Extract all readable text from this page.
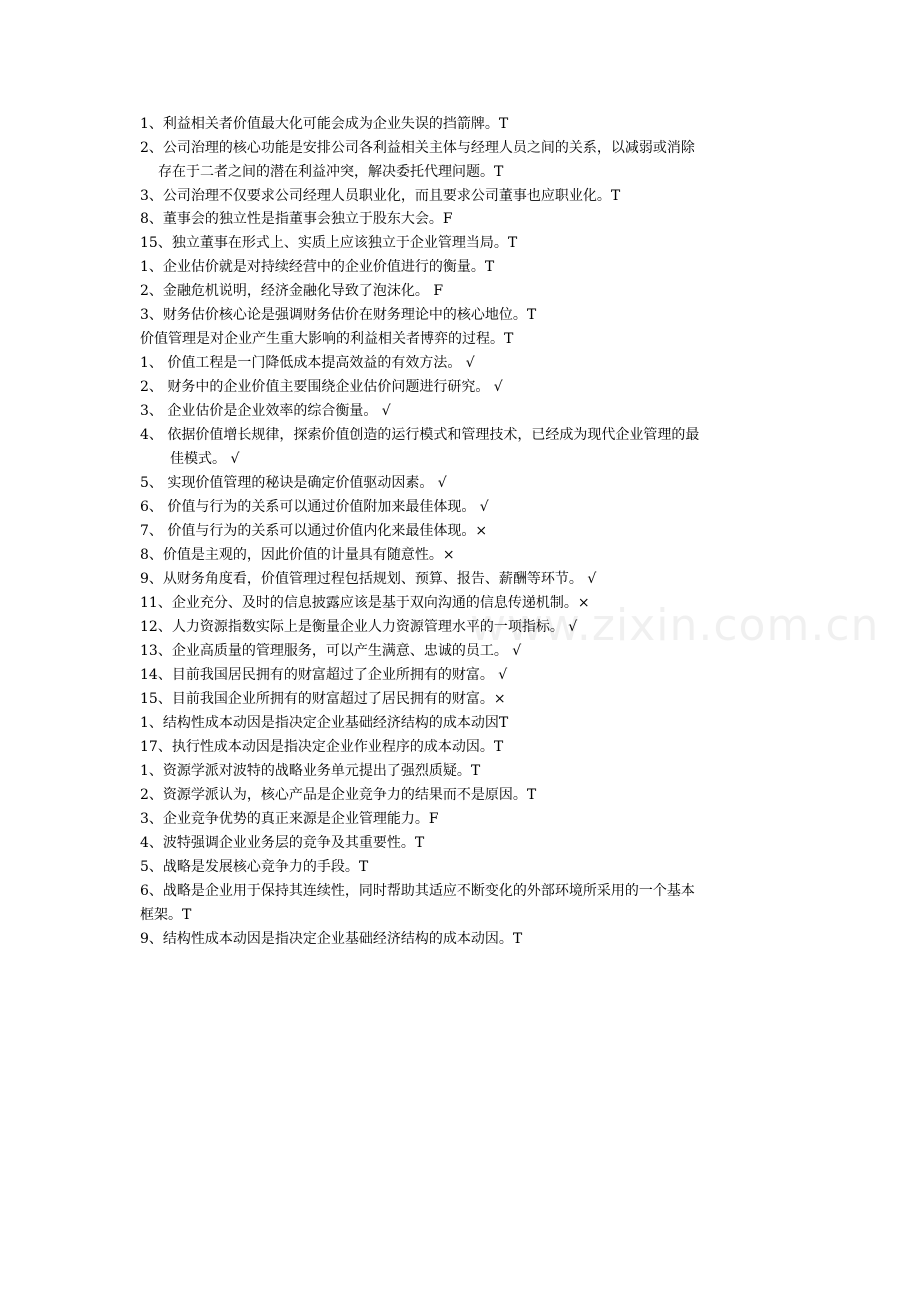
1、利益相关者价值最大化可能会成为企业失误的挡箭牌。T
2、公司治理的核心功能是安排公司各利益相关主体与经理人员之间的关系，以减弱或消除
存在于二者之间的潜在利益冲突，解决委托代理问题。T
3、公司治理不仅要求公司经理人员职业化，而且要求公司董事也应职业化。T
8、董事会的独立性是指董事会独立于股东大会。F
15、独立董事在形式上、实质上应该独立于企业管理当局。T
1、企业估价就是对持续经营中的企业价值进行的衡量。T
2、金融危机说明，经济金融化导致了泡沫化。 F
3、财务估价核心论是强调财务估价在财务理论中的核心地位。T
价值管理是对企业产生重大影响的利益相关者博弈的过程。T
1、 价值工程是一门降低成本提高效益的有效方法。 √
2、 财务中的企业价值主要围绕企业估价问题进行研究。 √
3、 企业估价是企业效率的综合衡量。 √
4、 依据价值增长规律，探索价值创造的运行模式和管理技术，已经成为现代企业管理的最
佳模式。 √
5、 实现价值管理的秘诀是确定价值驱动因素。 √
6、 价值与行为的关系可以通过价值附加来最佳体现。 √
7、 价值与行为的关系可以通过价值内化来最佳体现。×
8、价值是主观的，因此价值的计量具有随意性。×
9、从财务角度看，价值管理过程包括规划、预算、报告、薪酬等环节。 √
11、企业充分、及时的信息披露应该是基于双向沟通的信息传递机制。×
12、人力资源指数实际上是衡量企业人力资源管理水平的一项指标。 √
13、企业高质量的管理服务，可以产生满意、忠诚的员工。 √
14、目前我国居民拥有的财富超过了企业所拥有的财富。 √
15、目前我国企业所拥有的财富超过了居民拥有的财富。×
1、结构性成本动因是指决定企业基础经济结构的成本动因T
17、执行性成本动因是指决定企业作业程序的成本动因。T
1、资源学派对波特的战略业务单元提出了强烈质疑。T
2、资源学派认为，核心产品是企业竞争力的结果而不是原因。T
3、企业竞争优势的真正来源是企业管理能力。F
4、波特强调企业业务层的竞争及其重要性。T
5、战略是发展核心竞争力的手段。T
6、战略是企业用于保持其连续性，同时帮助其适应不断变化的外部环境所采用的一个基本
框架。T
9、结构性成本动因是指决定企业基础经济结构的成本动因。T
www.zixin.com.cn
